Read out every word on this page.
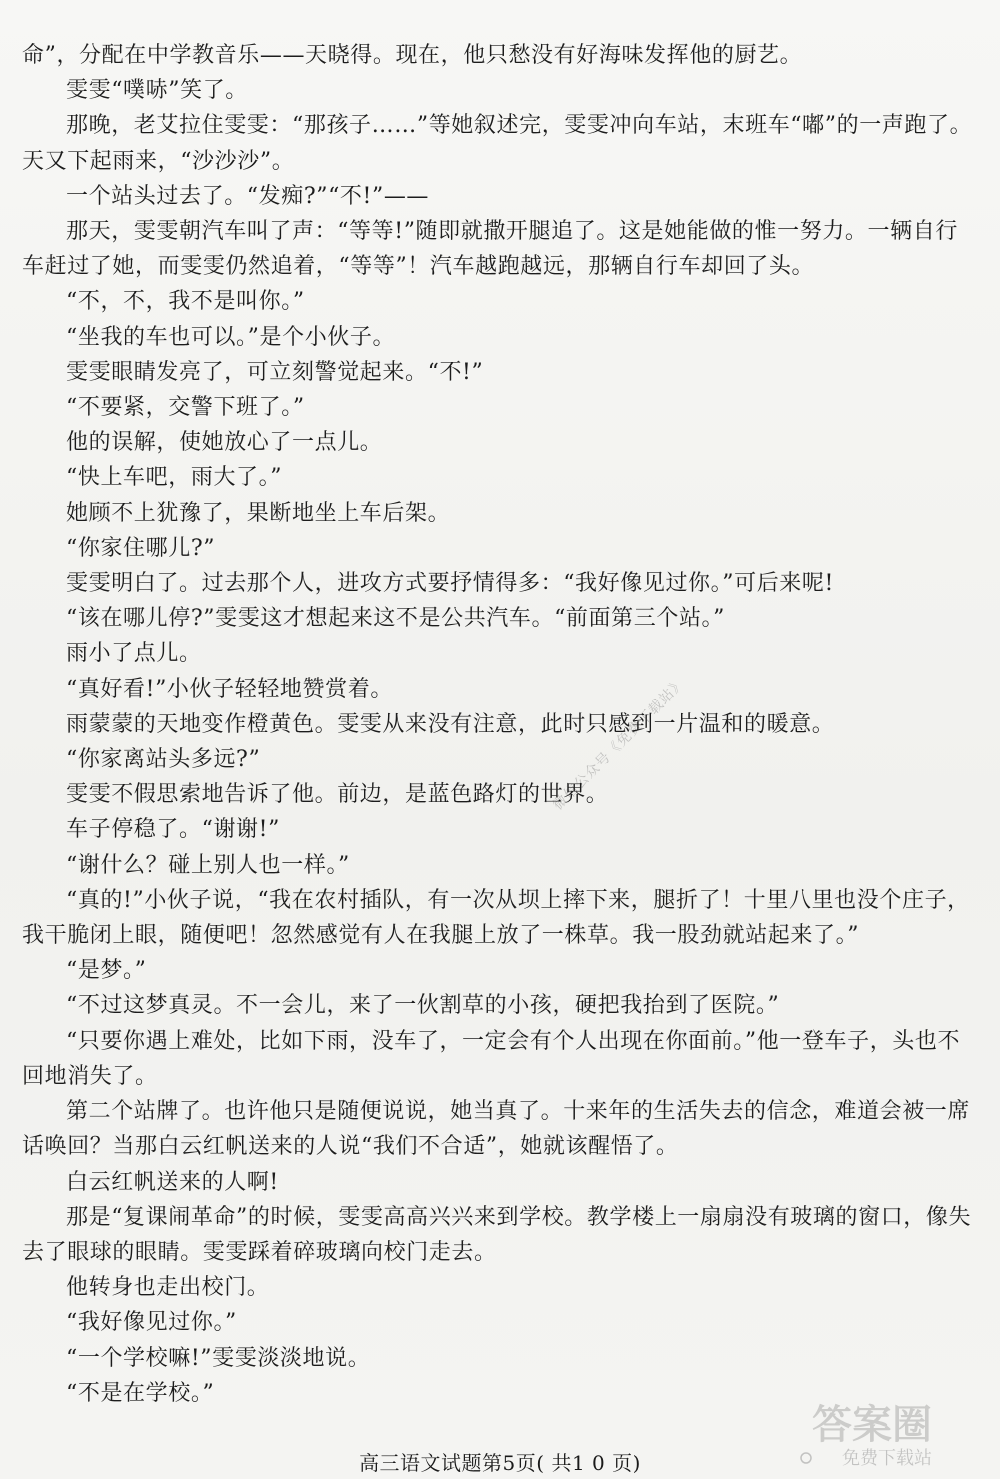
命”，分配在中学教音乐——天晓得。现在，他只愁没有好海味发挥他的厨艺。

雯雯“噗哧”笑了。

那晚，老艾拉住雯雯：“那孩子……”等她叙述完，雯雯冲向车站，末班车“嘟”的一声跑了。天又下起雨来，“沙沙沙”。

一个站头过去了。“发痴?”“不!”——

那天，雯雯朝汽车叫了声：“等等!”随即就撒开腿追了。这是她能做的惟一努力。一辆自行车赶过了她，而雯雯仍然追着，“等等”！汽车越跑越远，那辆自行车却回了头。

“不，不，我不是叫你。”

“坐我的车也可以。”是个小伙子。

雯雯眼睛发亮了，可立刻警觉起来。“不!”

“不要紧，交警下班了。”

他的误解，使她放心了一点儿。

“快上车吧，雨大了。”

她顾不上犹豫了，果断地坐上车后架。

“你家住哪儿?”

雯雯明白了。过去那个人，进攻方式要抒情得多：“我好像见过你。”可后来呢!

“该在哪儿停?”雯雯这才想起来这不是公共汽车。“前面第三个站。”

雨小了点儿。

“真好看!”小伙子轻轻地赞赏着。

雨蒙蒙的天地变作橙黄色。雯雯从来没有注意，此时只感到一片温和的暖意。

“你家离站头多远?”

雯雯不假思索地告诉了他。前边，是蓝色路灯的世界。

车子停稳了。“谢谢!”

“谢什么？碰上别人也一样。”

“真的!”小伙子说，“我在农村插队，有一次从坝上摔下来，腿折了！十里八里也没个庄子，我干脆闭上眼，随便吧！忽然感觉有人在我腿上放了一株草。我一股劲就站起来了。”

“是梦。”

“不过这梦真灵。不一会儿，来了一伙割草的小孩，硬把我抬到了医院。”

“只要你遇上难处，比如下雨，没车了，一定会有个人出现在你面前。”他一登车子，头也不回地消失了。

第二个站牌了。也许他只是随便说说，她当真了。十来年的生活失去的信念，难道会被一席话唤回？当那白云红帆送来的人说“我们不合适”，她就该醒悟了。

白云红帆送来的人啊!

那是“复课闹革命”的时候，雯雯高高兴兴来到学校。教学楼上一扇扇没有玻璃的窗口，像失去了眼球的眼睛。雯雯踩着碎玻璃向校门走去。

他转身也走出校门。

“我好像见过你。”

“一个学校嘛!”雯雯淡淡地说。

“不是在学校。”

微信公众号《免费下载站》
答案圈
免费下载站
高三语文试题第5页( 共1 0 页)
